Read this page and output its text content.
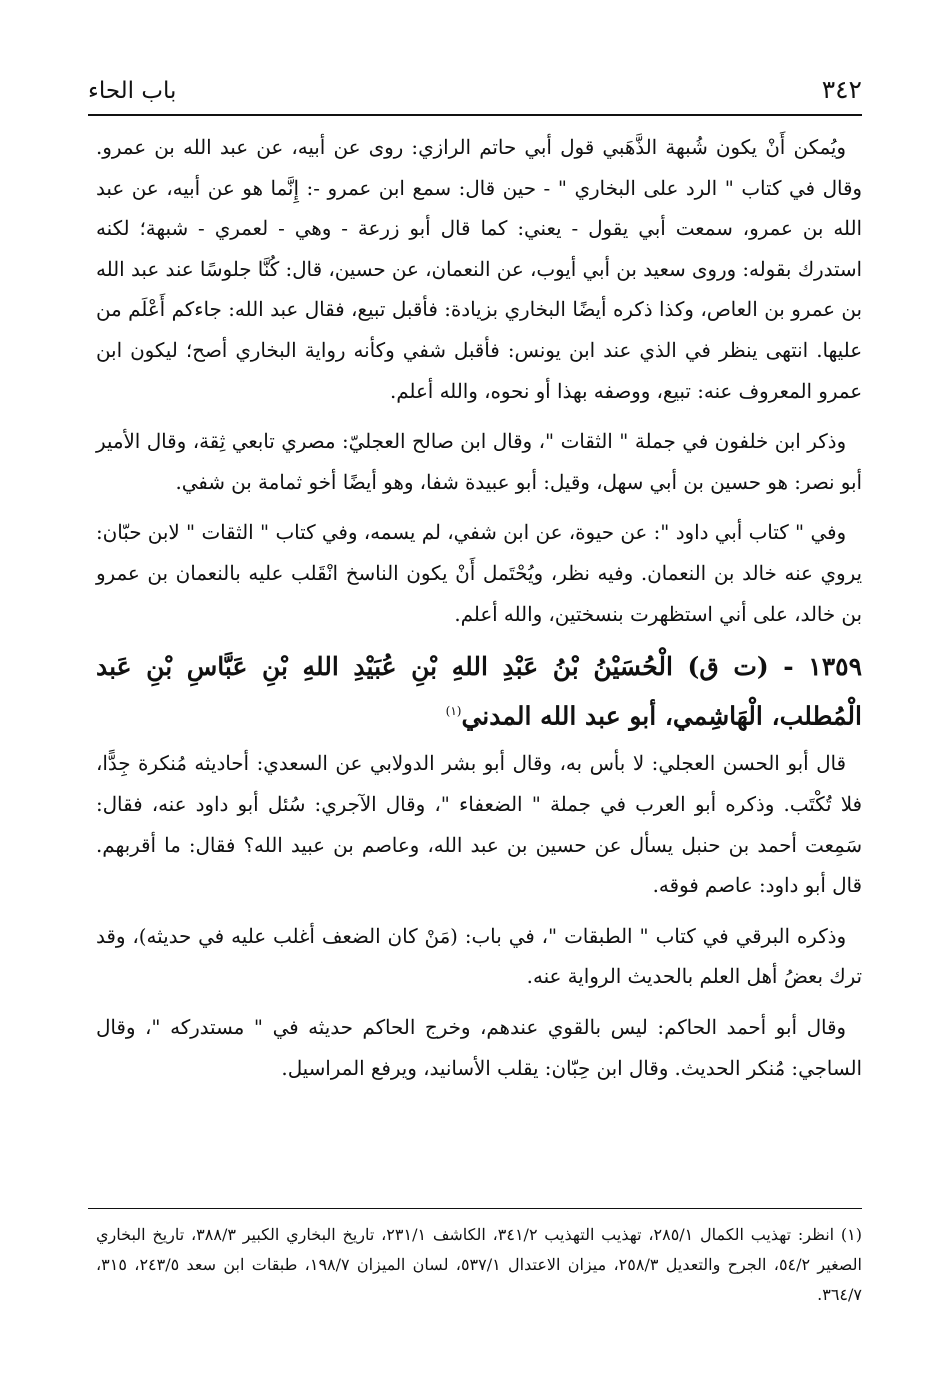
٣٤٢
باب الحاء

ويُمكن أَنْ يكون شُبهة الذَّهَبي قول أبي حاتم الرازي: روى عن أبيه، عن عبد الله بن عمرو. وقال في كتاب " الرد على البخاري " - حين قال: سمع ابن عمرو -: إِنَّما هو عن أبيه، عن عبد الله بن عمرو، سمعت أبي يقول - يعني: كما قال أبو زرعة - وهي - لعمري - شبهة؛ لكنه استدرك بقوله: وروى سعيد بن أبي أيوب، عن النعمان، عن حسين، قال: كُنَّا جلوسًا عند عبد الله بن عمرو بن العاص، وكذا ذكره أيضًا البخاري بزيادة: فأقبل تبيع، فقال عبد الله: جاءكم أَعْلَم من عليها. انتهى ينظر في الذي عند ابن يونس: فأقبل شفي وكأنه رواية البخاري أصح؛ ليكون ابن عمرو المعروف عنه: تبيع، ووصفه بهذا أو نحوه، والله أعلم.

وذكر ابن خلفون في جملة " الثقات "، وقال ابن صالح العجليّ: مصري تابعي ثِقة، وقال الأمير أبو نصر: هو حسين بن أبي سهل، وقيل: أبو عبيدة شفا، وهو أيضًا أخو ثمامة بن شفي.

وفي " كتاب أبي داود ": عن حيوة، عن ابن شفي، لم يسمه، وفي كتاب " الثقات " لابن حبّان: يروي عنه خالد بن النعمان. وفيه نظر، ويُحْتَمل أَنْ يكون الناسخ انْقَلب عليه بالنعمان بن عمرو بن خالد، على أني استظهرت بنسختين، والله أعلم.

١٣٥٩ - (ت ق) الْحُسَيْنُ بْنُ عَبْدِ اللهِ بْنِ عُبَيْدِ اللهِ بْنِ عَبَّاسِ بْنِ عَبد الْمُطلب، الْهَاشِمي، أبو عبد الله المدني$^{(١)}$

قال أبو الحسن العجلي: لا بأس به، وقال أبو بشر الدولابي عن السعدي: أحاديثه مُنكرة جِدًّا، فلا تُكْتَب. وذكره أبو العرب في جملة " الضعفاء "، وقال الآجري: سُئل أبو داود عنه، فقال: سَمِعت أحمد بن حنبل يسأل عن حسين بن عبد الله، وعاصم بن عبيد الله؟ فقال: ما أقربهم. قال أبو داود: عاصم فوقه.

وذكره البرقي في كتاب " الطبقات "، في باب: (مَنْ كان الضعف أغلب عليه في حديثه)، وقد ترك بعضُ أهل العلم بالحديث الرواية عنه.

وقال أبو أحمد الحاكم: ليس بالقوي عندهم، وخرج الحاكم حديثه في " مستدركه "، وقال الساجي: مُنكر الحديث. وقال ابن حِبّان: يقلب الأسانيد، ويرفع المراسيل.

(١) انظر: تهذيب الكمال ٢٨٥/١، تهذيب التهذيب ٣٤١/٢، الكاشف ٢٣١/١، تاريخ البخاري الكبير ٣٨٨/٣، تاريخ البخاري الصغير ٥٤/٢، الجرح والتعديل ٢٥٨/٣، ميزان الاعتدال ٥٣٧/١، لسان الميزان ١٩٨/٧، طبقات ابن سعد ٢٤٣/٥، ٣١٥، ٣٦٤/٧.
